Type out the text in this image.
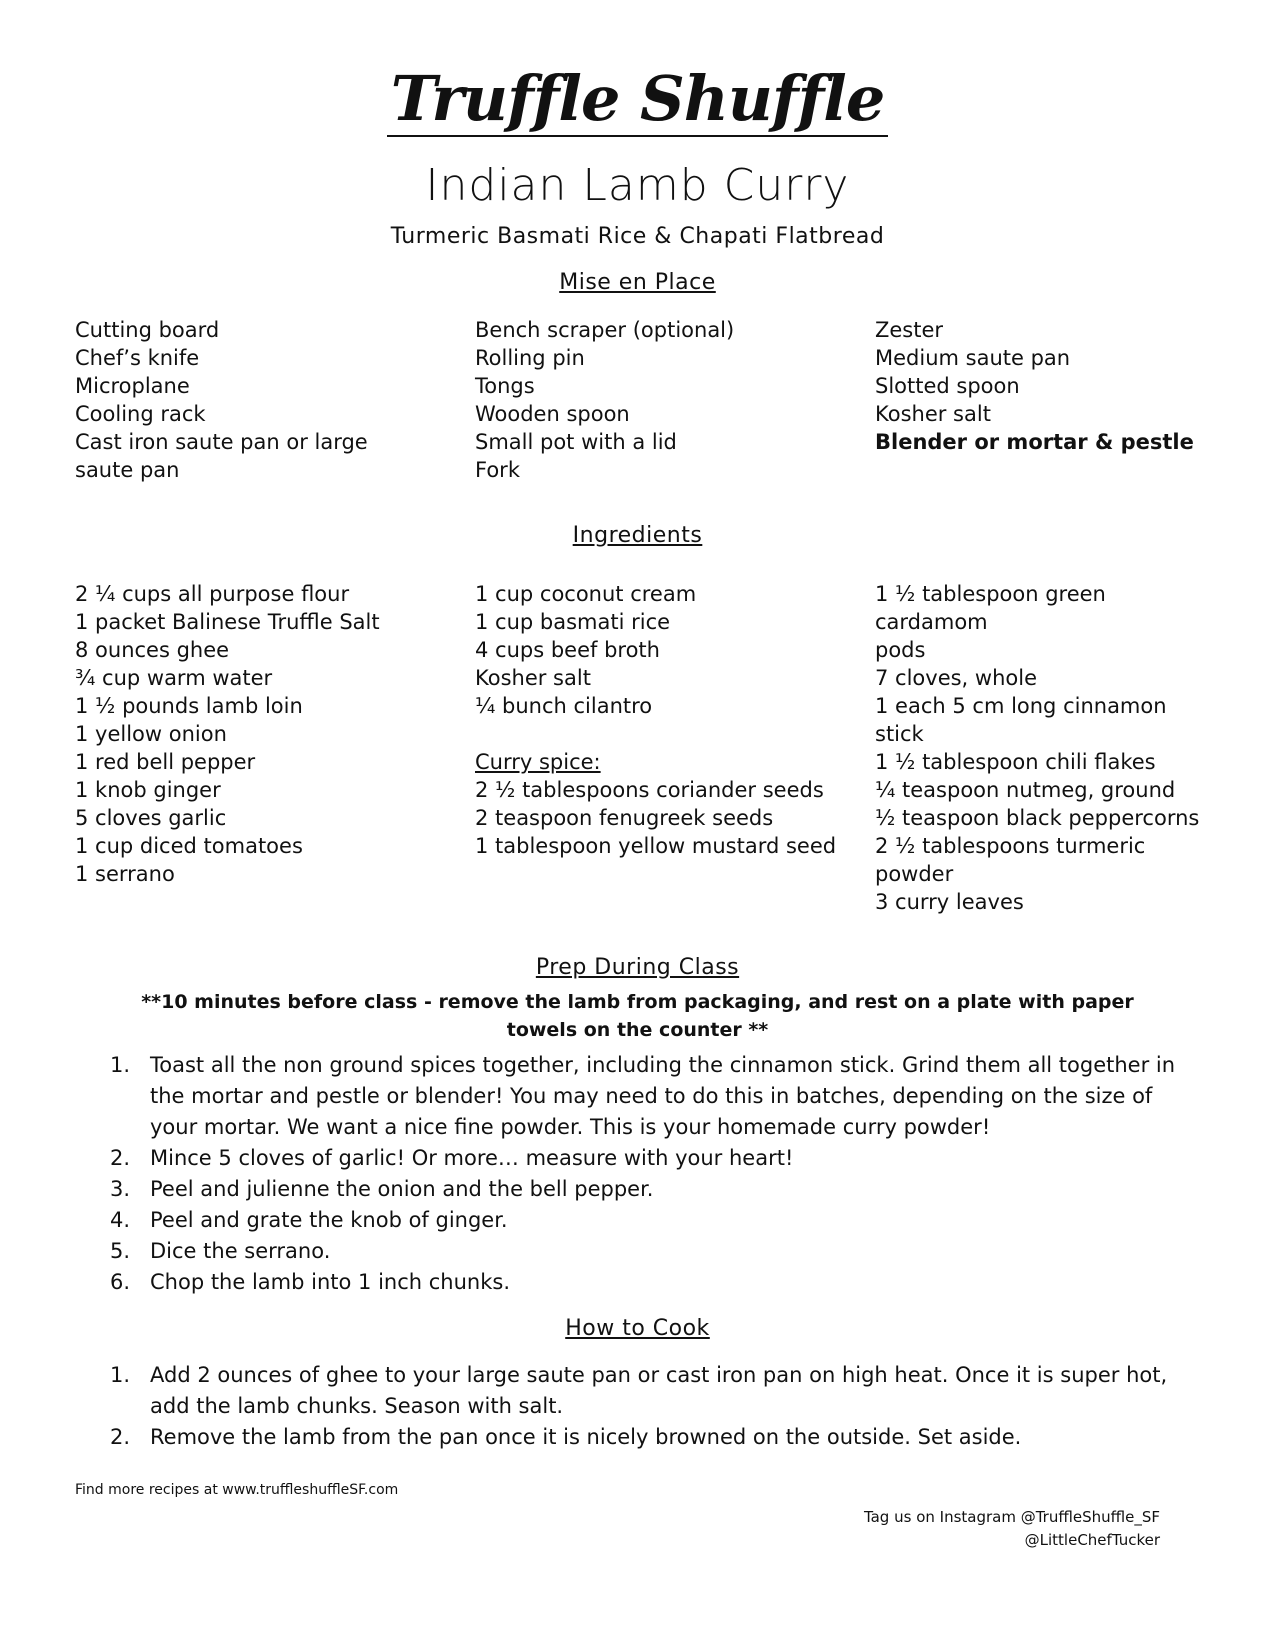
Truffle Shuffle
Indian Lamb Curry
Turmeric Basmati Rice & Chapati Flatbread
Mise en Place
Cutting board
Chef’s knife
Microplane
Cooling rack
Cast iron saute pan or large
saute pan
Bench scraper (optional)
Rolling pin
Tongs
Wooden spoon
Small pot with a lid
Fork
Zester
Medium saute pan
Slotted spoon
Kosher salt
Blender or mortar & pestle
Ingredients
2 ¼ cups all purpose flour
1 packet Balinese Truffle Salt
8 ounces ghee
¾ cup warm water
1 ½ pounds lamb loin
1 yellow onion
1 red bell pepper
1 knob ginger
5 cloves garlic
1 cup diced tomatoes
1 serrano
1 cup coconut cream
1 cup basmati rice
4 cups beef broth
Kosher salt
¼ bunch cilantro
Curry spice:
2 ½ tablespoons coriander seeds
2 teaspoon fenugreek seeds
1 tablespoon yellow mustard seed
1 ½ tablespoon green cardamom
pods
7 cloves, whole
1 each 5 cm long cinnamon stick
1 ½ tablespoon chili flakes
¼ teaspoon nutmeg, ground
½ teaspoon black peppercorns
2 ½ tablespoons turmeric powder
3 curry leaves
Prep During Class
**10 minutes before class - remove the lamb from packaging, and rest on a plate with paper towels on the counter **
1. Toast all the non ground spices together, including the cinnamon stick. Grind them all together in the mortar and pestle or blender! You may need to do this in batches, depending on the size of your mortar. We want a nice fine powder. This is your homemade curry powder!
2. Mince 5 cloves of garlic! Or more… measure with your heart!
3. Peel and julienne the onion and the bell pepper.
4. Peel and grate the knob of ginger.
5. Dice the serrano.
6. Chop the lamb into 1 inch chunks.
How to Cook
1. Add 2 ounces of ghee to your large saute pan or cast iron pan on high heat. Once it is super hot, add the lamb chunks. Season with salt.
2. Remove the lamb from the pan once it is nicely browned on the outside. Set aside.
Find more recipes at www.truffleshuffleSF.com
Tag us on Instagram @TruffleShuffle_SF
@LittleChefTucker
